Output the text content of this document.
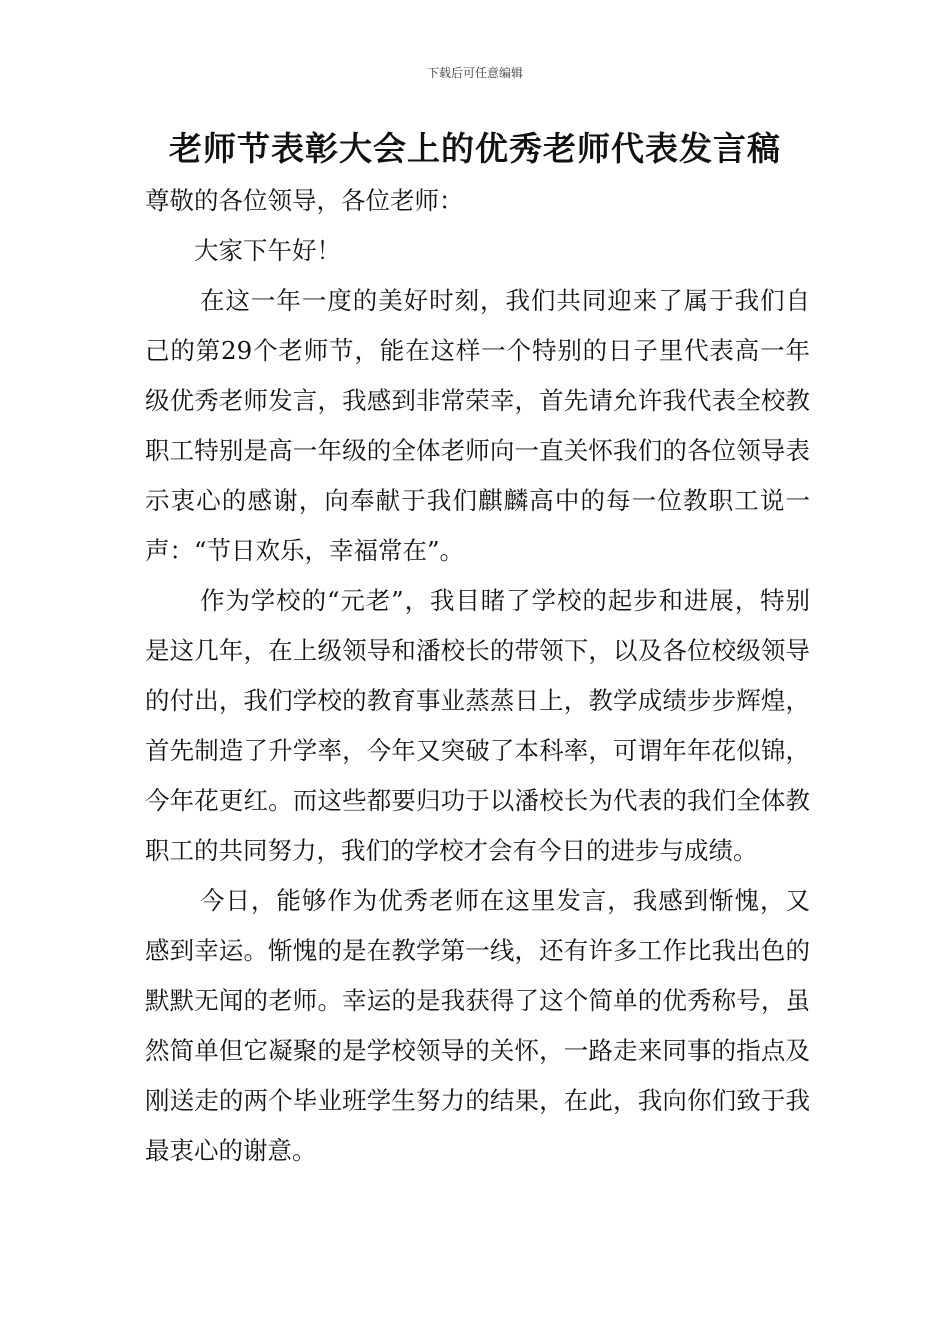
下载后可任意编辑
老师节表彰大会上的优秀老师代表发言稿

尊敬的各位领导，各位老师：

大家下午好！

在这一年一度的美好时刻，我们共同迎来了属于我们自己的第29个老师节，能在这样一个特别的日子里代表高一年级优秀老师发言，我感到非常荣幸，首先请允许我代表全校教职工特别是高一年级的全体老师向一直关怀我们的各位领导表示衷心的感谢，向奉献于我们麒麟高中的每一位教职工说一声：“节日欢乐，幸福常在”。

作为学校的“元老”，我目睹了学校的起步和进展，特别是这几年，在上级领导和潘校长的带领下，以及各位校级领导的付出，我们学校的教育事业蒸蒸日上，教学成绩步步辉煌，首先制造了升学率，今年又突破了本科率，可谓年年花似锦，今年花更红。而这些都要归功于以潘校长为代表的我们全体教职工的共同努力，我们的学校才会有今日的进步与成绩。

今日，能够作为优秀老师在这里发言，我感到惭愧，又感到幸运。惭愧的是在教学第一线，还有许多工作比我出色的默默无闻的老师。幸运的是我获得了这个简单的优秀称号，虽然简单但它凝聚的是学校领导的关怀，一路走来同事的指点及刚送走的两个毕业班学生努力的结果，在此，我向你们致于我最衷心的谢意。
